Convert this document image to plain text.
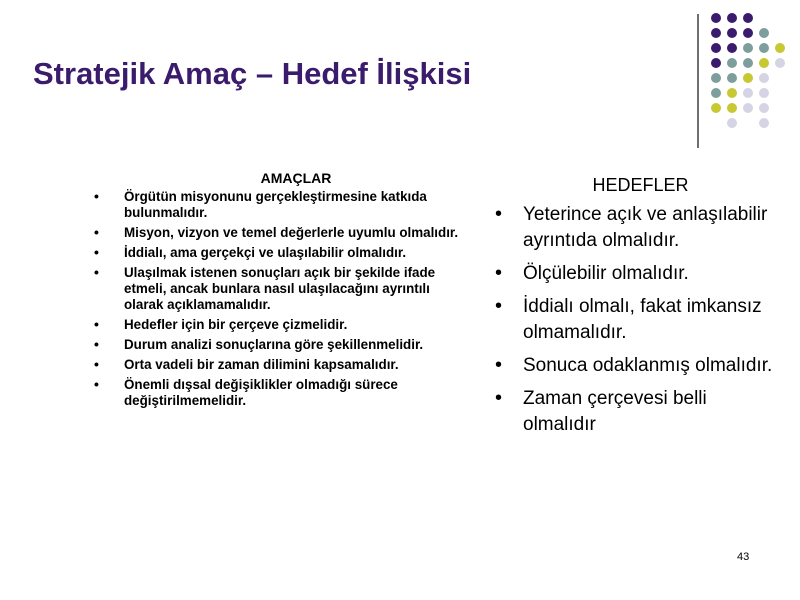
Stratejik Amaç – Hedef İlişkisi
AMAÇLAR
• Örgütün misyonunu gerçekleştirmesine katkıda bulunmalıdır.
• Misyon, vizyon ve temel değerlerle uyumlu olmalıdır.
• İddialı, ama gerçekçi ve ulaşılabilir olmalıdır.
• Ulaşılmak istenen sonuçları açık bir şekilde ifade etmeli, ancak bunlara nasıl ulaşılacağını ayrıntılı olarak açıklamamalıdır.
• Hedefler için bir çerçeve çizmelidir.
• Durum analizi sonuçlarına göre şekillenmelidir.
• Orta vadeli bir zaman dilimini kapsamalıdır.
• Önemli dışsal değişiklikler olmadığı sürece değiştirilmemelidir.
HEDEFLER
• Yeterince açık ve anlaşılabilir ayrıntıda olmalıdır.
• Ölçülebilir olmalıdır.
• İddialı olmalı, fakat imkansız olmamalıdır.
• Sonuca odaklanmış olmalıdır.
• Zaman çerçevesi belli olmalıdır
43
